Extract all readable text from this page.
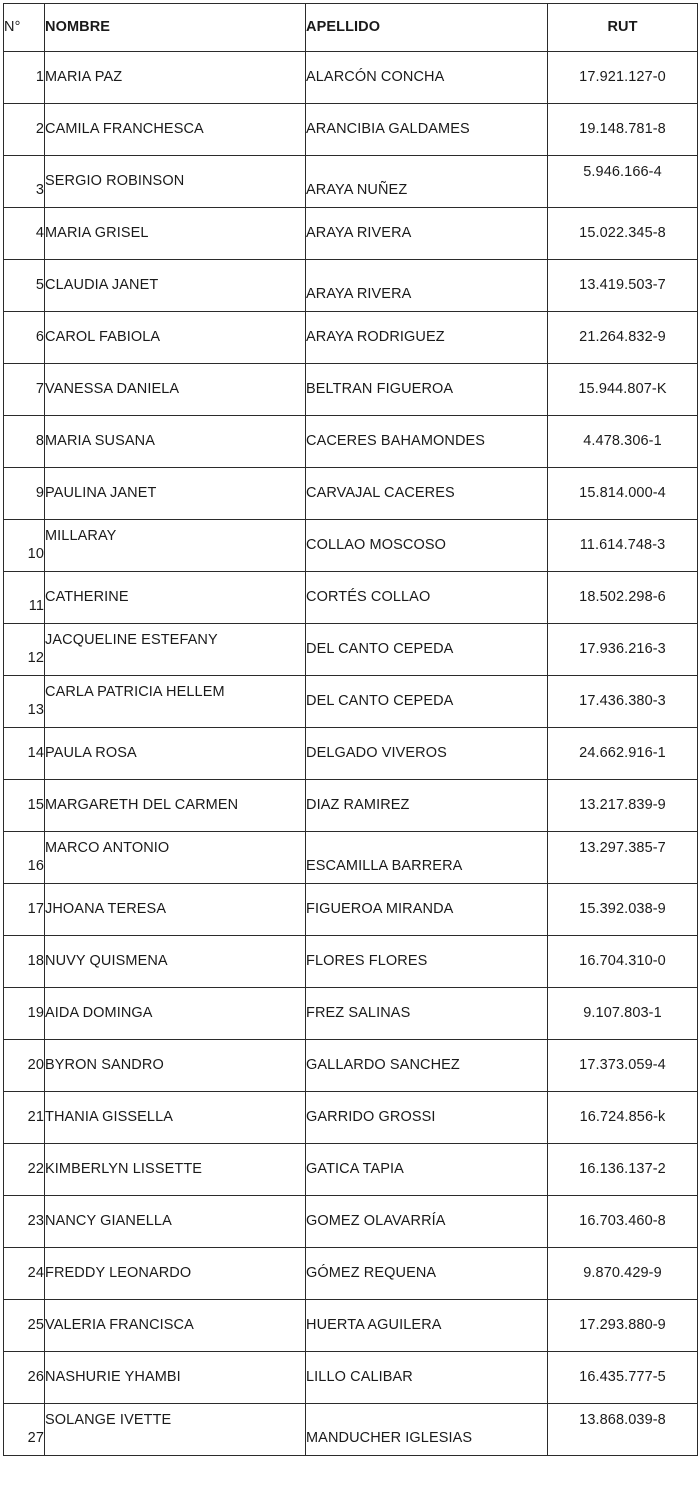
N°	NOMBRE	APELLIDO	RUT

1	MARIA PAZ	ALARCÓN CONCHA	17.921.127-0

2	CAMILA FRANCHESCA	ARANCIBIA GALDAMES	19.148.781-8

3	SERGIO ROBINSON	ARAYA NUÑEZ	5.946.166-4

4	MARIA GRISEL	ARAYA RIVERA	15.022.345-8

5	CLAUDIA JANET	ARAYA RIVERA	13.419.503-7

6	CAROL FABIOLA	ARAYA RODRIGUEZ	21.264.832-9

7	VANESSA DANIELA	BELTRAN FIGUEROA	15.944.807-K

8	MARIA SUSANA	CACERES BAHAMONDES	4.478.306-1

9	PAULINA JANET	CARVAJAL CACERES	15.814.000-4

10	MILLARAY	COLLAO MOSCOSO	11.614.748-3

11	CATHERINE	CORTÉS COLLAO	18.502.298-6

12	JACQUELINE ESTEFANY	DEL CANTO CEPEDA	17.936.216-3

13	CARLA PATRICIA HELLEM	DEL CANTO CEPEDA	17.436.380-3

14	PAULA ROSA	DELGADO VIVEROS	24.662.916-1

15	MARGARETH DEL CARMEN	DIAZ RAMIREZ	13.217.839-9

16	MARCO ANTONIO	ESCAMILLA BARRERA	13.297.385-7

17	JHOANA TERESA	FIGUEROA MIRANDA	15.392.038-9

18	NUVY QUISMENA	FLORES FLORES	16.704.310-0

19	AIDA DOMINGA	FREZ SALINAS	9.107.803-1

20	BYRON SANDRO	GALLARDO SANCHEZ	17.373.059-4

21	THANIA GISSELLA	GARRIDO GROSSI	16.724.856-k

22	KIMBERLYN LISSETTE	GATICA TAPIA	16.136.137-2

23	NANCY GIANELLA	GOMEZ OLAVARRÍA	16.703.460-8

24	FREDDY LEONARDO	GÓMEZ REQUENA	9.870.429-9

25	VALERIA FRANCISCA	HUERTA AGUILERA	17.293.880-9

26	NASHURIE YHAMBI	LILLO CALIBAR	16.435.777-5

27	SOLANGE IVETTE	MANDUCHER IGLESIAS	13.868.039-8
